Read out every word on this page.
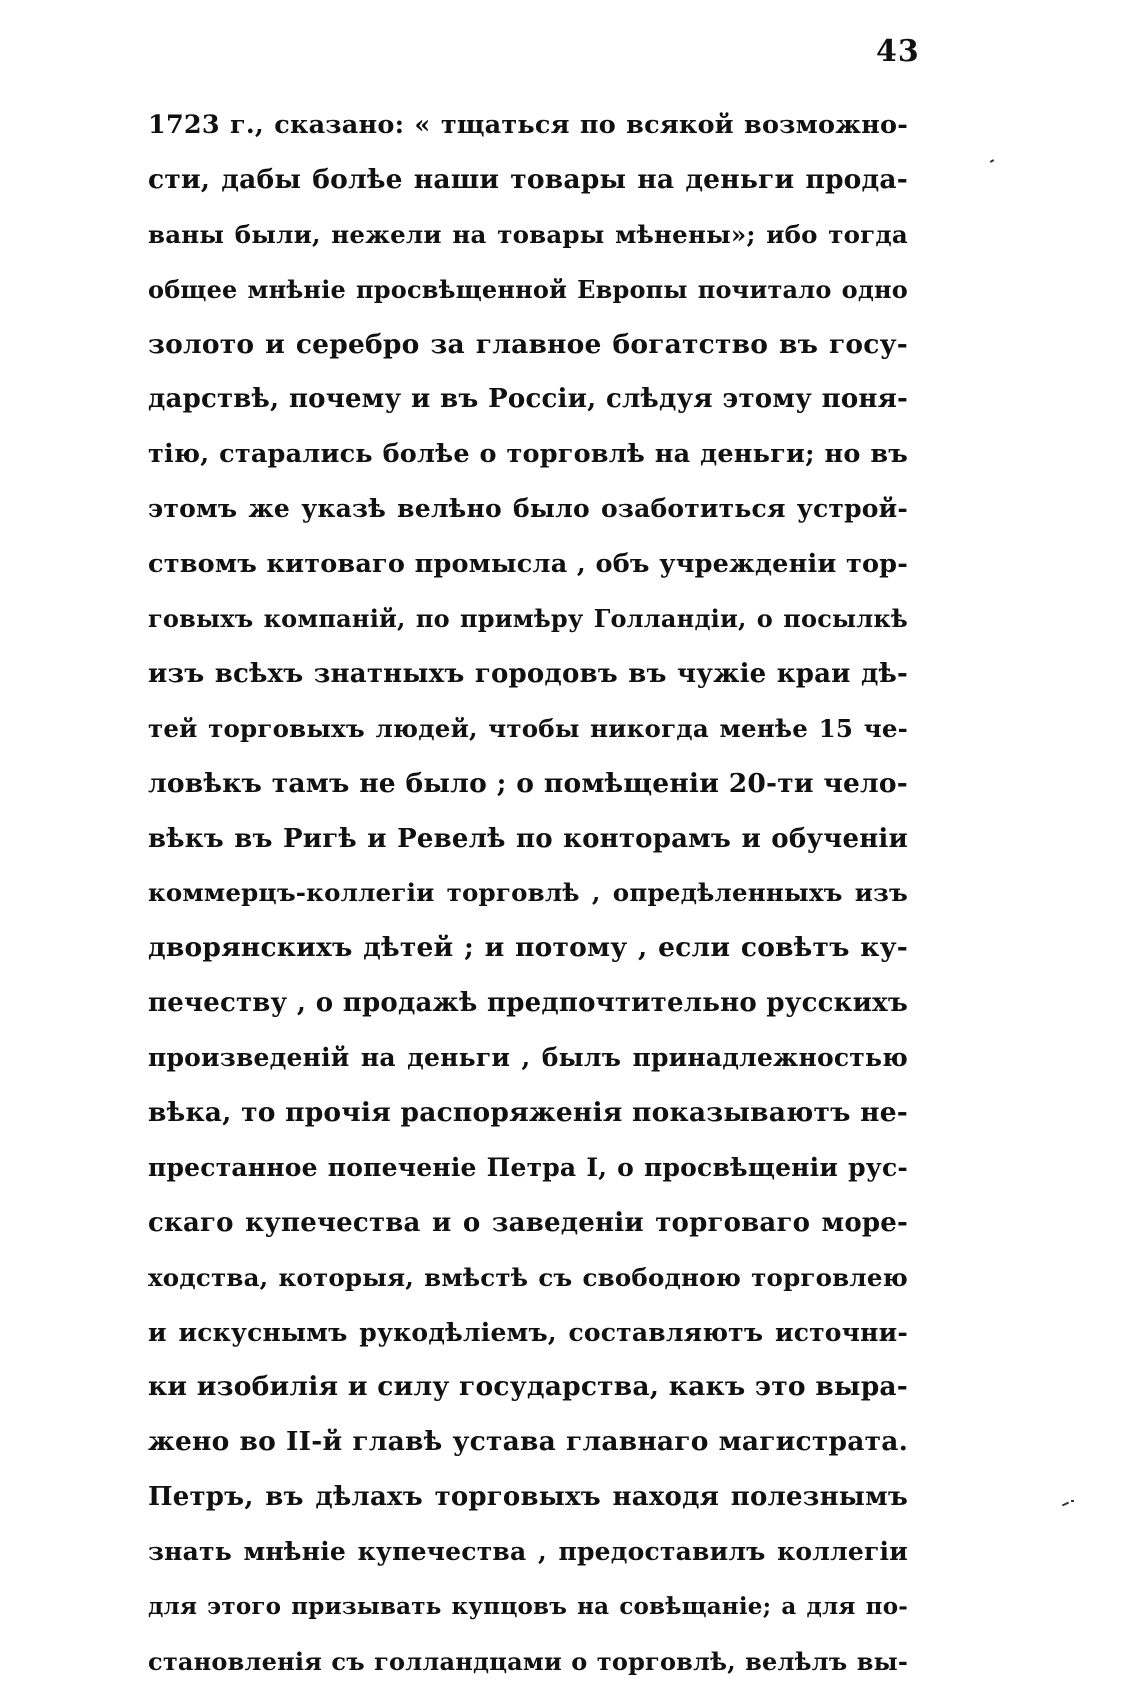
43
1723 г., сказано: « тщаться по всякой возможно-
сти, дабы болѣе наши товары на деньги прода-
ваны были, нежели на товары мѣнены»; ибо тогда
общее мнѣніе просвѣщенной Европы почитало одно
золото и серебро за главное богатство въ госу-
дарствѣ, почему и въ Россіи, слѣдуя этому поня-
тію, старались болѣе о торговлѣ на деньги; но въ
этомъ же указѣ велѣно было озаботиться устрой-
ствомъ китоваго промысла , объ учрежденіи тор-
говыхъ компаній, по примѣру Голландіи, о посылкѣ
изъ всѣхъ знатныхъ городовъ въ чужіе краи дѣ-
тей торговыхъ людей, чтобы никогда менѣе 15 че-
ловѣкъ тамъ не было ; о помѣщеніи 20-ти чело-
вѣкъ въ Ригѣ и Ревелѣ по конторамъ и обученіи
коммерцъ-коллегіи торговлѣ , опредѣленныхъ изъ
дворянскихъ дѣтей ; и потому , если совѣтъ ку-
печеству , о продажѣ предпочтительно русскихъ
произведеній на деньги , былъ принадлежностью
вѣка, то прочія распоряженія показываютъ не-
престанное попеченіе Петра I, о просвѣщеніи рус-
скаго купечества и о заведеніи торговаго море-
ходства, которыя, вмѣстѣ съ свободною торговлею
и искуснымъ рукодѣліемъ, составляютъ источни-
ки изобилія и силу государства, какъ это выра-
жено во II-й главѣ устава главнаго магистрата.
Петръ, въ дѣлахъ торговыхъ находя полезнымъ
знать мнѣніе купечества , предоставилъ коллегіи
для этого призывать купцовъ на совѣщаніе; а для по-
становленія съ голландцами о торговлѣ, велѣлъ вы-
